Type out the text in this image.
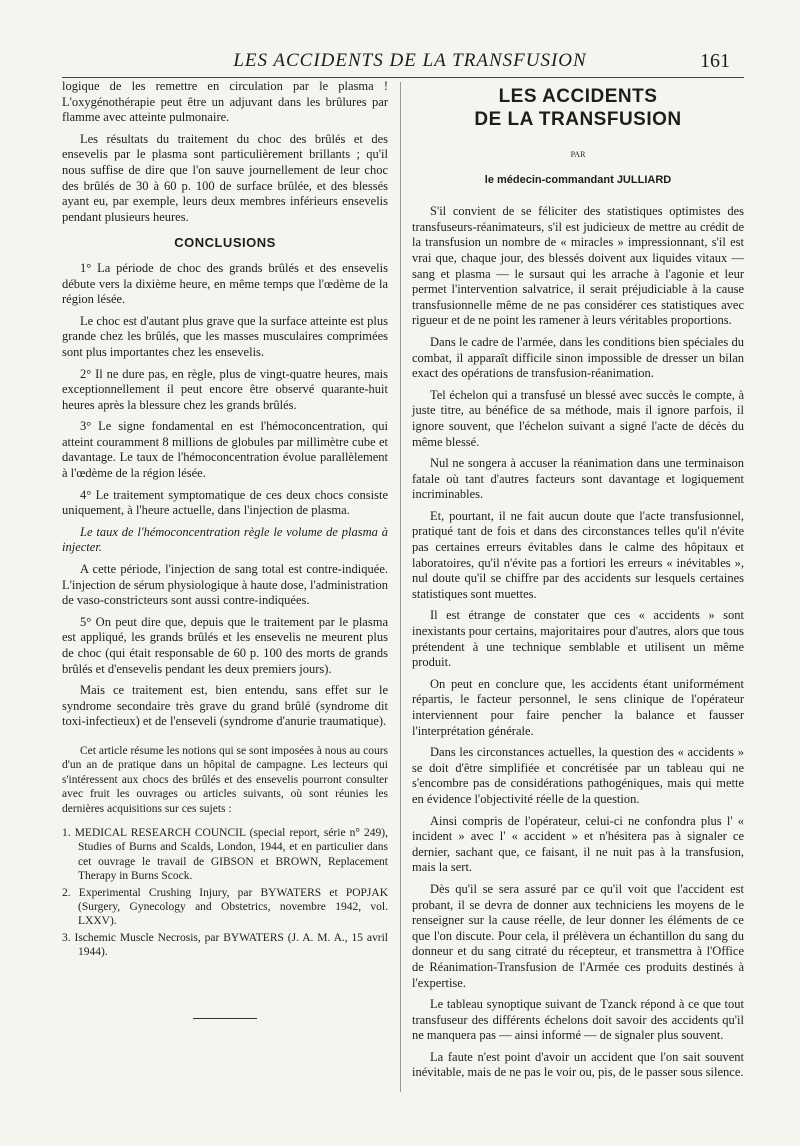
LES ACCIDENTS DE LA TRANSFUSION	161

logique de les remettre en circulation par le plasma ! L'oxygénothérapie peut être un adjuvant dans les brûlures par flamme avec atteinte pulmonaire.

Les résultats du traitement du choc des brûlés et des ensevelis par le plasma sont particulièrement brillants ; qu'il nous suffise de dire que l'on sauve journellement de leur choc des brûlés de 30 à 60 p. 100 de surface brûlée, et des blessés ayant eu, par exemple, leurs deux membres inférieurs ensevelis pendant plusieurs heures.

CONCLUSIONS

1° La période de choc des grands brûlés et des ensevelis débute vers la dixième heure, en même temps que l'œdème de la région lésée.

Le choc est d'autant plus grave que la surface atteinte est plus grande chez les brûlés, que les masses musculaires comprimées sont plus importantes chez les ensevelis.

2° Il ne dure pas, en règle, plus de vingt-quatre heures, mais exceptionnellement il peut encore être observé quarante-huit heures après la blessure chez les grands brûlés.

3° Le signe fondamental en est l'hémoconcentration, qui atteint couramment 8 millions de globules par millimètre cube et davantage. Le taux de l'hémoconcentration évolue parallèlement à l'œdème de la région lésée.

4° Le traitement symptomatique de ces deux chocs consiste uniquement, à l'heure actuelle, dans l'injection de plasma.

Le taux de l'hémoconcentration règle le volume de plasma à injecter.

A cette période, l'injection de sang total est contre-indiquée. L'injection de sérum physiologique à haute dose, l'administration de vaso-constricteurs sont aussi contre-indiquées.

5° On peut dire que, depuis que le traitement par le plasma est appliqué, les grands brûlés et les ensevelis ne meurent plus de choc (qui était responsable de 60 p. 100 des morts de grands brûlés et d'ensevelis pendant les deux premiers jours).

Mais ce traitement est, bien entendu, sans effet sur le syndrome secondaire très grave du grand brûlé (syndrome dit toxi-infectieux) et de l'enseveli (syndrome d'anurie traumatique).

Cet article résume les notions qui se sont imposées à nous au cours d'un an de pratique dans un hôpital de campagne. Les lecteurs qui s'intéressent aux chocs des brûlés et des ensevelis pourront consulter avec fruit les ouvrages ou articles suivants, où sont réunies les dernières acquisitions sur ces sujets :

1. MEDICAL RESEARCH COUNCIL (special report, série n° 249), Studies of Burns and Scalds, London, 1944, et en particulier dans cet ouvrage le travail de GIBSON et BROWN, Replacement Therapy in Burns Scock.
2. Experimental Crushing Injury, par BYWATERS et POPJAK (Surgery, Gynecology and Obstetrics, novembre 1942, vol. LXXV).
3. Ischemic Muscle Necrosis, par BYWATERS (J. A. M. A., 15 avril 1944).

LES ACCIDENTS
DE LA TRANSFUSION

PAR

le médecin-commandant JULLIARD

S'il convient de se féliciter des statistiques optimistes des transfuseurs-réanimateurs, s'il est judicieux de mettre au crédit de la transfusion un nombre de « miracles » impressionnant, s'il est vrai que, chaque jour, des blessés doivent aux liquides vitaux — sang et plasma — le sursaut qui les arrache à l'agonie et leur permet l'intervention salvatrice, il serait préjudiciable à la cause transfusionnelle même de ne pas considérer ces statistiques avec rigueur et de ne point les ramener à leurs véritables proportions.

Dans le cadre de l'armée, dans les conditions bien spéciales du combat, il apparaît difficile sinon impossible de dresser un bilan exact des opérations de transfusion-réanimation.

Tel échelon qui a transfusé un blessé avec succès le compte, à juste titre, au bénéfice de sa méthode, mais il ignore parfois, il ignore souvent, que l'échelon suivant a signé l'acte de décès du même blessé.

Nul ne songera à accuser la réanimation dans une terminaison fatale où tant d'autres facteurs sont davantage et logiquement incriminables.

Et, pourtant, il ne fait aucun doute que l'acte transfusionnel, pratiqué tant de fois et dans des circonstances telles qu'il n'évite pas certaines erreurs évitables dans le calme des hôpitaux et laboratoires, qu'il n'évite pas a fortiori les erreurs « inévitables », nul doute qu'il se chiffre par des accidents sur lesquels certaines statistiques sont muettes.

Il est étrange de constater que ces « accidents » sont inexistants pour certains, majoritaires pour d'autres, alors que tous prétendent à une technique semblable et utilisent un même produit.

On peut en conclure que, les accidents étant uniformément répartis, le facteur personnel, le sens clinique de l'opérateur interviennent pour faire pencher la balance et fausser l'interprétation générale.

Dans les circonstances actuelles, la question des « accidents » se doit d'être simplifiée et concrétisée par un tableau qui ne s'encombre pas de considérations pathogéniques, mais qui mette en évidence l'objectivité réelle de la question.

Ainsi compris de l'opérateur, celui-ci ne confondra plus l' « incident » avec l' « accident » et n'hésitera pas à signaler ce dernier, sachant que, ce faisant, il ne nuit pas à la transfusion, mais la sert.

Dès qu'il se sera assuré par ce qu'il voit que l'accident est probant, il se devra de donner aux techniciens les moyens de le renseigner sur la cause réelle, de leur donner les éléments de ce que l'on discute. Pour cela, il prélèvera un échantillon du sang du donneur et du sang citraté du récepteur, et transmettra à l'Office de Réanimation-Transfusion de l'Armée ces produits destinés à l'expertise.

Le tableau synoptique suivant de Tzanck répond à ce que tout transfuseur des différents échelons doit savoir des accidents qu'il ne manquera pas — ainsi informé — de signaler plus souvent.

La faute n'est point d'avoir un accident que l'on sait souvent inévitable, mais de ne pas le voir ou, pis, de le passer sous silence.
